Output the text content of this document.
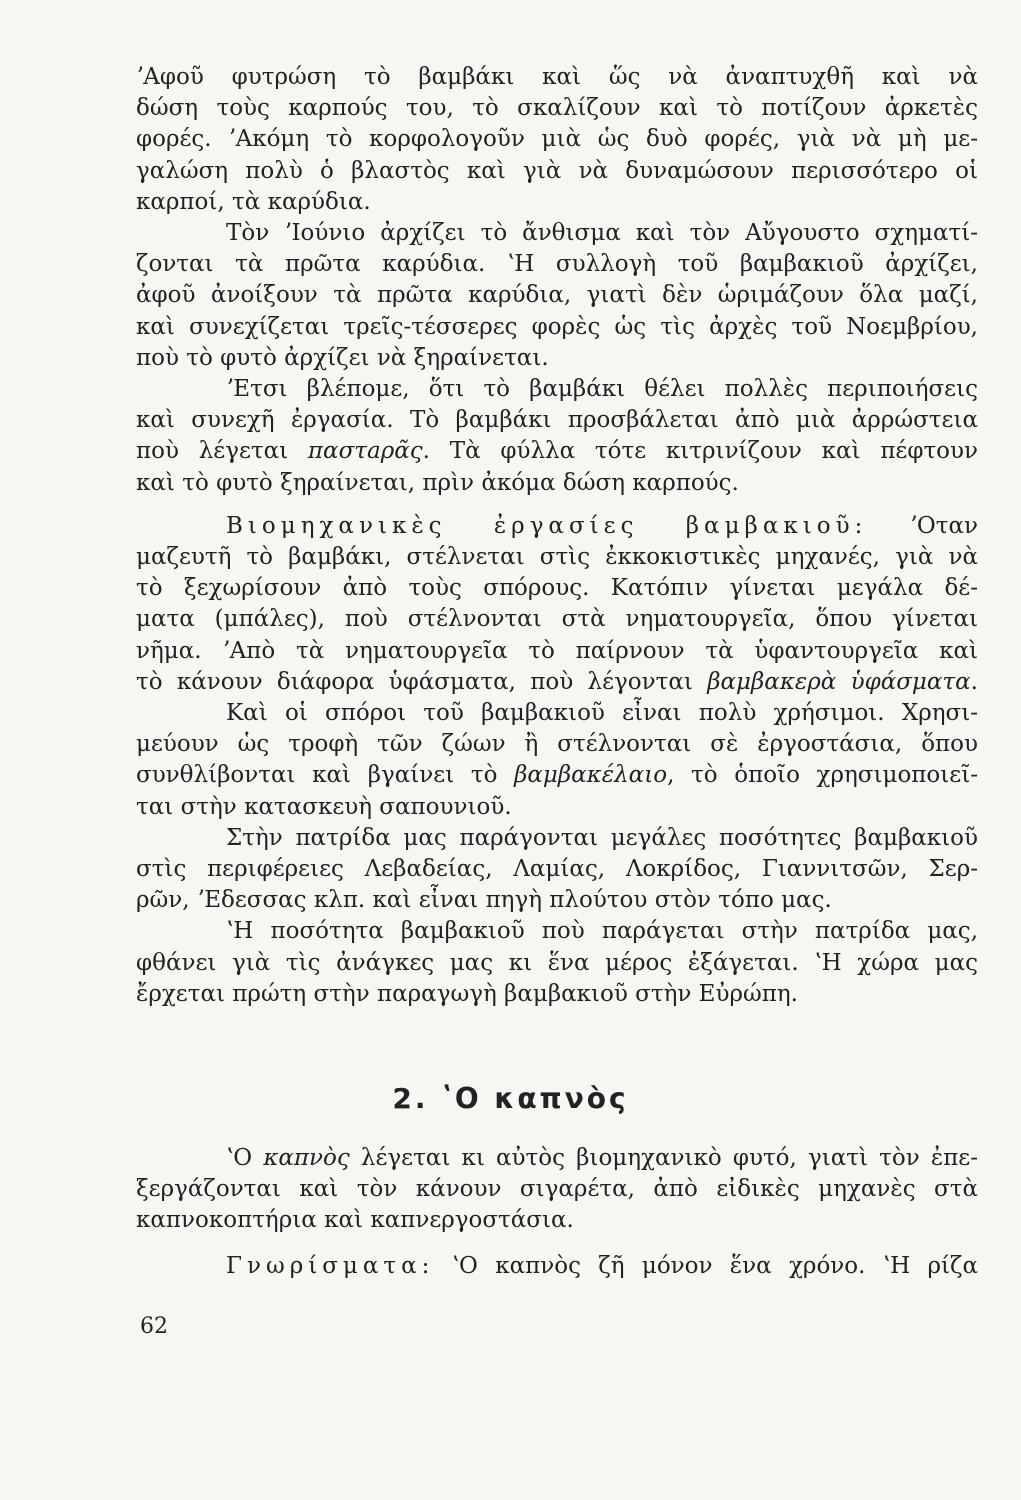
ʼΑφοῦ φυτρώση τὸ βαμβάκι καὶ ὥς νὰ ἀναπτυχθῆ καὶ νὰ
δώση τοὺς καρπούς του, τὸ σκαλίζουν καὶ τὸ ποτίζουν ἀρκετὲς
φορές. ʼΑκόμη τὸ κορφολογοῦν μιὰ ὡς δυὸ φορές, γιὰ νὰ μὴ με-
γαλώση πολὺ ὁ βλαστὸς καὶ γιὰ νὰ δυναμώσουν περισσότερο οἱ
καρποί, τὰ καρύδια.
Τὸν ʼΙούνιο ἀρχίζει τὸ ἄνθισμα καὶ τὸν Αὔγουστο σχηματί-
ζονται τὰ πρῶτα καρύδια. ʽΗ συλλογὴ τοῦ βαμβακιοῦ ἀρχίζει,
ἀφοῦ ἀνοίξουν τὰ πρῶτα καρύδια, γιατὶ δὲν ὡριμάζουν ὅλα μαζί,
καὶ συνεχίζεται τρεῖς-τέσσερες φορὲς ὡς τὶς ἀρχὲς τοῦ Νοεμβρίου,
ποὺ τὸ φυτὸ ἀρχίζει νὰ ξηραίνεται.
ʼΕτσι βλέπομε, ὅτι τὸ βαμβάκι θέλει πολλὲς περιποιήσεις
καὶ συνεχῆ ἐργασία. Τὸ βαμβάκι προσβάλεται ἀπὸ μιὰ ἀρρώστεια
ποὺ λέγεται παστaρᾶς. Τὰ φύλλα τότε κιτρινίζουν καὶ πέφτουν
καὶ τὸ φυτὸ ξηραίνεται, πρὶν ἀκόμα δώση καρπούς.
Βιομηχανικὲς ἐργασίες βαμβακιοῦ: ʼΟταν
μαζευτῆ τὸ βαμβάκι, στέλνεται στὶς ἐκκοκιστικὲς μηχανές, γιὰ νὰ
τὸ ξεχωρίσουν ἀπὸ τοὺς σπόρους. Κατόπιν γίνεται μεγάλα δέ-
ματα (μπάλες), ποὺ στέλνονται στὰ νηματουργεῖα, ὅπου γίνεται
νῆμα. ʼΑπὸ τὰ νηματουργεῖα τὸ παίρνουν τὰ ὑφαντουργεῖα καὶ
τὸ κάνουν διάφορα ὑφάσματα, ποὺ λέγονται βαμβακερὰ ὑφάσματα.
Καὶ οἱ σπόροι τοῦ βαμβακιοῦ εἶναι πολὺ χρήσιμοι. Χρησι-
μεύουν ὡς τροφὴ τῶν ζώων ἢ στέλνονται σὲ ἐργοστάσια, ὅπου
συνθλίβονται καὶ βγαίνει τὸ βαμβακέλαιο, τὸ ὁποῖο χρησιμοποιεῖ-
ται στὴν κατασκευὴ σαπουνιοῦ.
Στὴν πατρίδα μας παράγονται μεγάλες ποσότητες βαμβακιοῦ
στὶς περιφέρειες Λεβαδείας, Λαμίας, Λοκρίδος, Γιαννιτσῶν, Σερ-
ρῶν, ʼΕδεσσας κλπ. καὶ εἶναι πηγὴ πλούτου στὸν τόπο μας.
ʽΗ ποσότητα βαμβακιοῦ ποὺ παράγεται στὴν πατρίδα μας,
φθάνει γιὰ τὶς ἀνάγκες μας κι ἕνα μέρος ἐξάγεται. ʽΗ χώρα μας
ἔρχεται πρώτη στὴν παραγωγὴ βαμβακιοῦ στὴν Εὐρώπη.
2. ʽΟ καπνὸς
ʽΟ καπνὸς λέγεται κι αὐτὸς βιομηχανικὸ φυτό, γιατὶ τὸν ἐπε-
ξεργάζονται καὶ τὸν κάνουν σιγαρέτα, ἀπὸ εἰδικὲς μηχανὲς στὰ
καπνοκοπτήρια καὶ καπνεργοστάσια.
Γνωρίσματα: ʽΟ καπνὸς ζῆ μόνον ἕνα χρόνο. ʽΗ ρίζα
62
